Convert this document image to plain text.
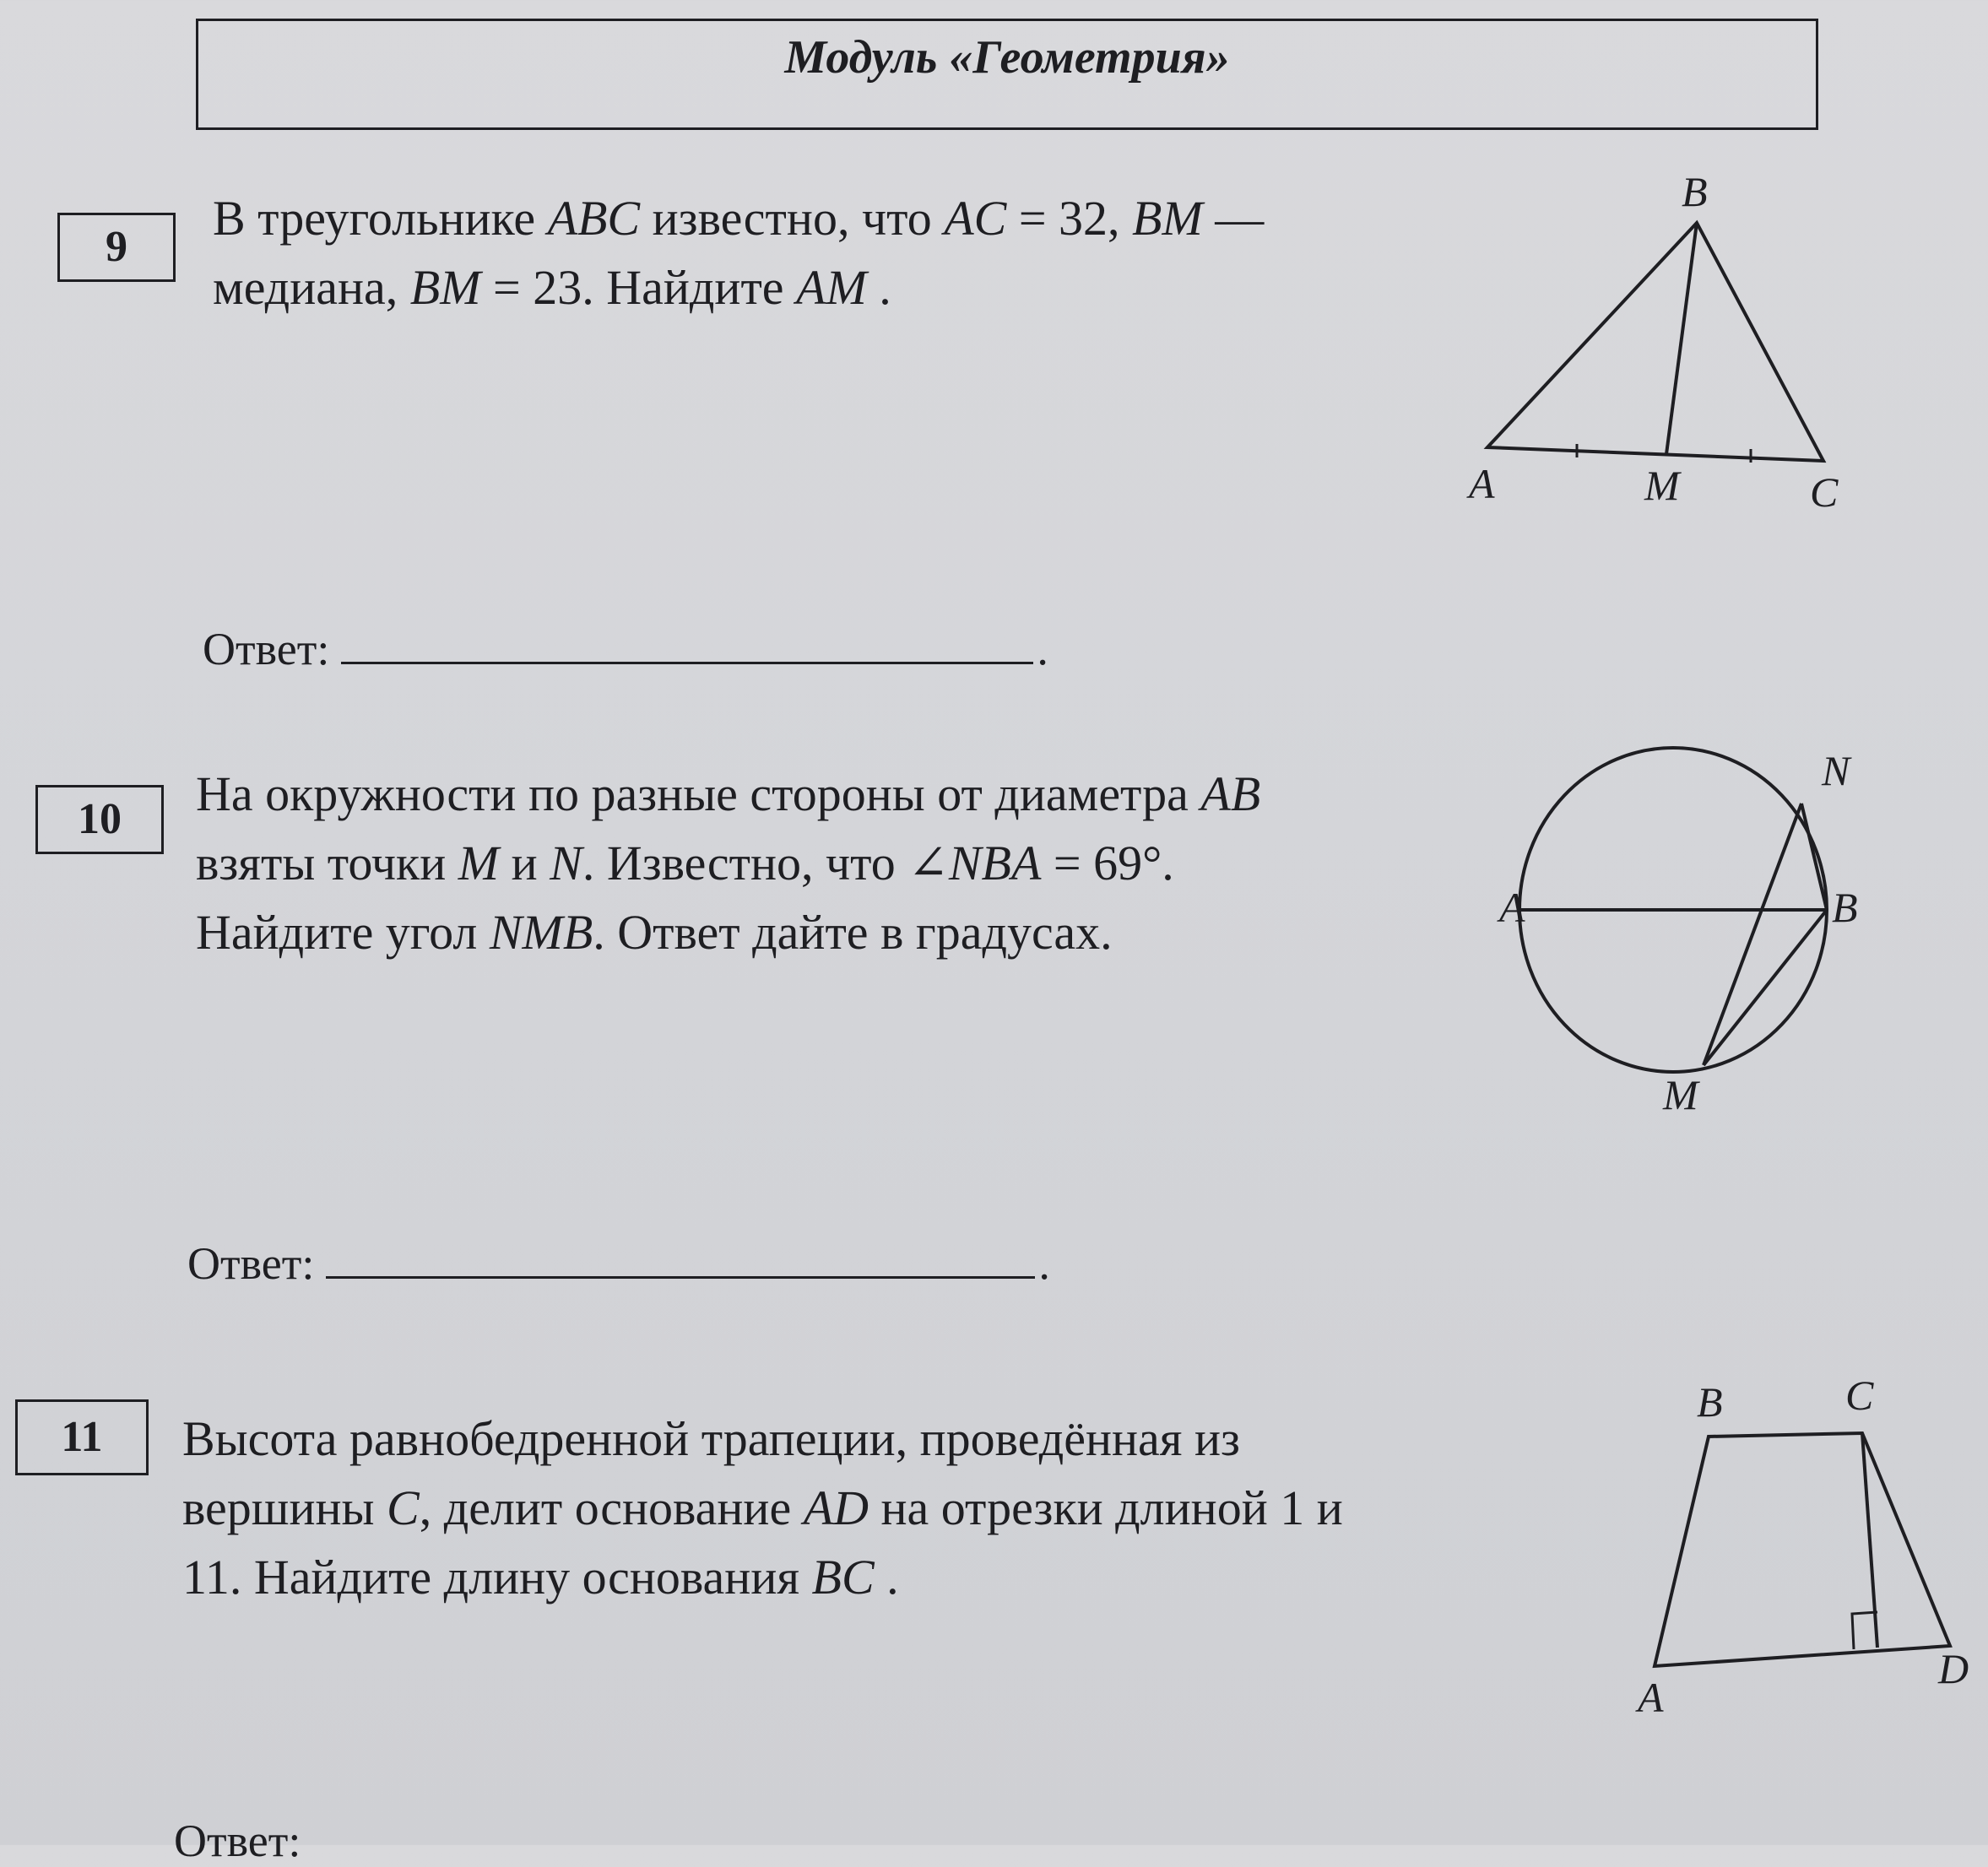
Модуль «Геометрия»
9
В треугольнике ABC известно, что AC = 32, BM — медиана, BM = 23. Найдите AM .
B
A	M	C
Ответ:	.
10	На окружности по разные стороны от диаметра AB взяты точки M и N. Известно, что ∠NBA = 69°. Найдите угол NMB. Ответ дайте в градусах.
N
A	B
M
Ответ:	.
11	Высота равнобедренной трапеции, проведённая из вершины C, делит основание AD на отрезки длиной 1 и 11. Найдите длину основания BC .
B	C
A
D
Ответ:
